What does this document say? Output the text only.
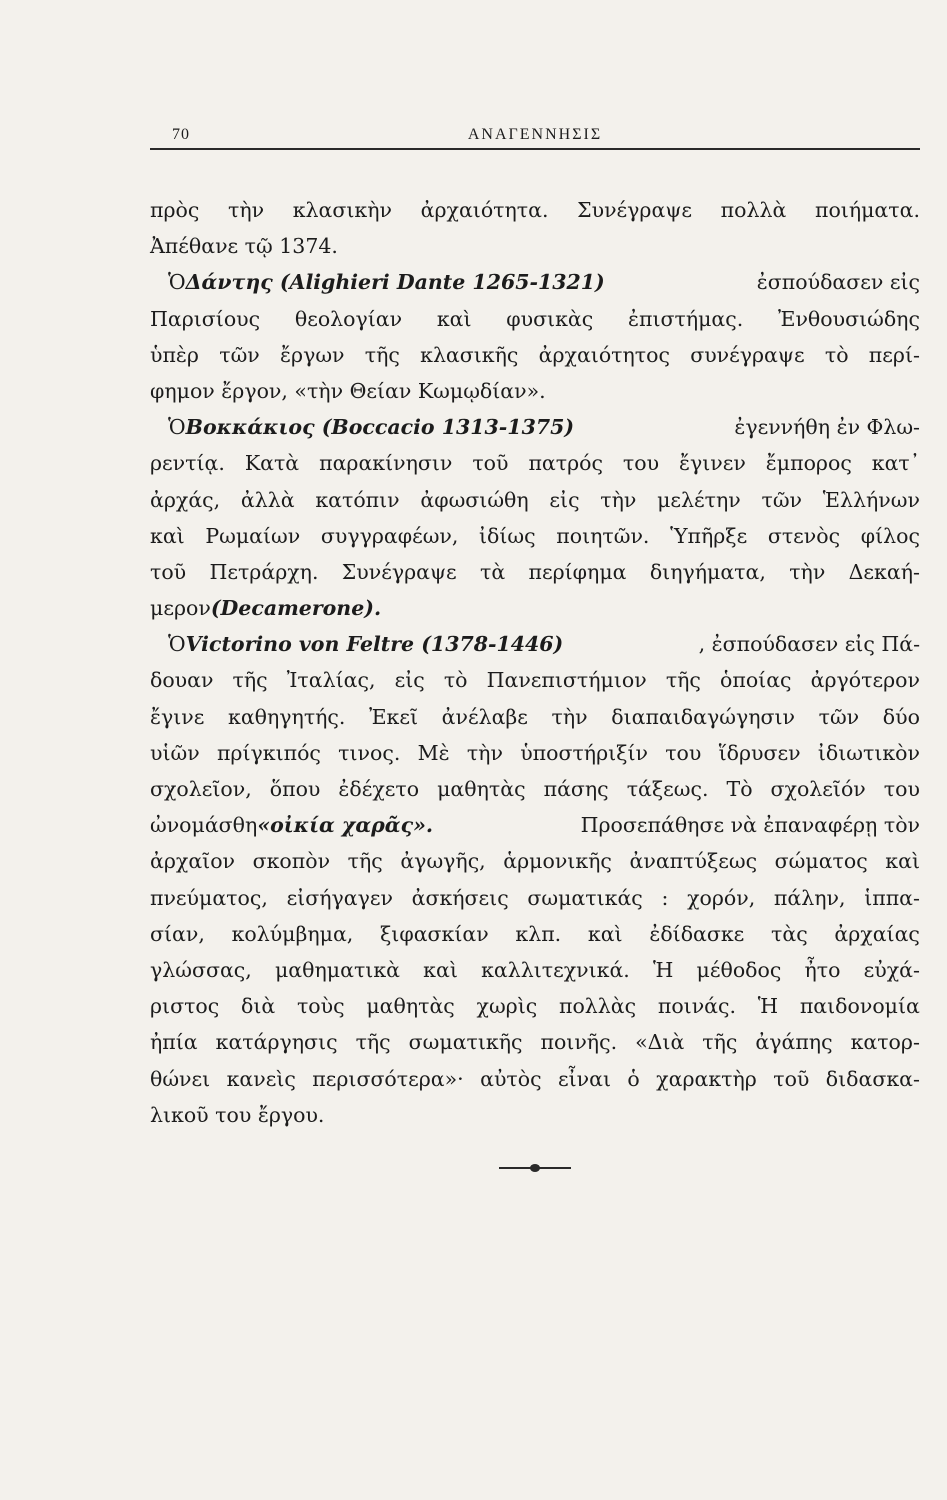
70	ΑΝΑΓΕΝΝΗΣΙΣ
πρὸς τὴν κλασικὴν ἀρχαιότητα. Συνέγραψε πολλὰ ποιήματα.
Ἀπέθανε τῷ 1374.
ὉΔάντης (Alighieri Dante 1265-1321)	ἐσπούδασεν εἰς
Παρισίους θεολογίαν καὶ φυσικὰς ἐπιστήμας. Ἐνθουσιώδης
ὑπὲρ τῶν ἔργων τῆς κλασικῆς ἀρχαιότητος συνέγραψε τὸ περί-
φημον ἔργον, «τὴν Θείαν Κωμῳδίαν».
ὉΒοκκάκιος (Boccacio 1313-1375)	ἐγεννήθη ἐν Φλω-
ρεντίᾳ. Κατὰ παρακίνησιν τοῦ πατρός του ἔγινεν ἔμπορος κατ᾽
ἀρχάς, ἀλλὰ κατόπιν ἀφωσιώθη εἰς τὴν μελέτην τῶν Ἑλλήνων
καὶ Ρωμαίων συγγραφέων, ἰδίως ποιητῶν. Ὑπῆρξε στενὸς φίλος
τοῦ Πετράρχη. Συνέγραψε τὰ περίφημα διηγήματα, τὴν Δεκαή-
μερον (Decamerone).
ὉVictorino von Feltre (1378-1446)	, ἐσπούδασεν εἰς Πά-
δουαν τῆς Ἰταλίας, εἰς τὸ Πανεπιστήμιον τῆς ὁποίας ἀργότερον
ἔγινε καθηγητής. Ἐκεῖ ἀνέλαβε τὴν διαπαιδαγώγησιν τῶν δύο
υἱῶν πρίγκιπός τινος. Μὲ τὴν ὑποστήριξίν του ἵδρυσεν ἰδιωτικὸν
σχολεῖον, ὅπου ἐδέχετο μαθητὰς πάσης τάξεως. Τὸ σχολεῖόν του
ὠνομάσθη«οἰκία χαρᾶς».	Προσεπάθησε νὰ ἐπαναφέρῃ τὸν
ἀρχαῖον σκοπὸν τῆς ἀγωγῆς, ἁρμονικῆς ἀναπτύξεως σώματος καὶ
πνεύματος, εἰσήγαγεν ἀσκήσεις σωματικάς : χορόν, πάλην, ἱππα-
σίαν, κολύμβημα, ξιφασκίαν κλπ. καὶ ἐδίδασκε τὰς ἀρχαίας
γλώσσας, μαθηματικὰ καὶ καλλιτεχνικά. Ἡ μέθοδος ἦτο εὐχά-
ριστος διὰ τοὺς μαθητὰς χωρὶς πολλὰς ποινάς. Ἡ παιδονομία
ἠπία κατάργησις τῆς σωματικῆς ποινῆς. «Διὰ τῆς ἀγάπης κατορ-
θώνει κανεὶς περισσότερα»· αὐτὸς εἶναι ὁ χαρακτὴρ τοῦ διδασκα-
λικοῦ του ἔργου.
